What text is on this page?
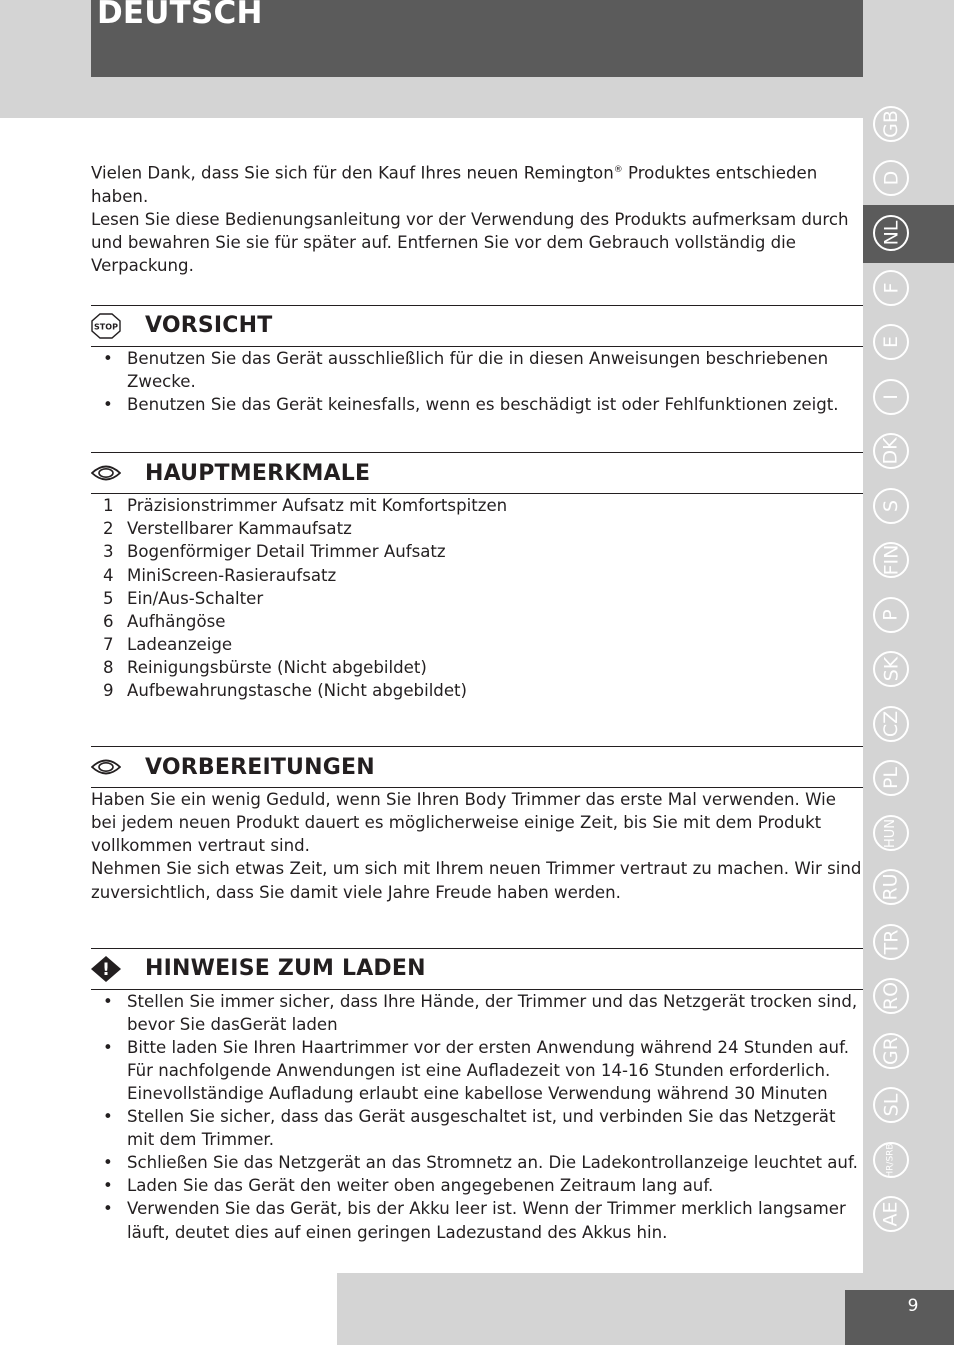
DEUTSCH
GB
D
NL
F
E
I
DK
S
FIN
P
SK
CZ
PL
HUN
RU
TR
RO
GR
SL
HR/SRB
AE
9

Vielen Dank, dass Sie sich für den Kauf Ihres neuen Remington® Produktes entschieden haben.

Lesen Sie diese Bedienungsanleitung vor der Verwendung des Produkts aufmerksam durch und bewahren Sie sie für später auf. Entfernen Sie vor dem Gebrauch vollständig die Verpackung.

STOP VORSICHT
• Benutzen Sie das Gerät ausschließlich für die in diesen Anweisungen beschriebenen Zwecke.
• Benutzen Sie das Gerät keinesfalls, wenn es beschädigt ist oder Fehlfunktionen zeigt.
HAUPTMERKMALE
1 Präzisionstrimmer Aufsatz mit Komfortspitzen
2 Verstellbarer Kammaufsatz
3 Bogenförmiger Detail Trimmer Aufsatz
4 MiniScreen-Rasieraufsatz
5 Ein/Aus-Schalter
6 Aufhängöse
7 Ladeanzeige
8 Reinigungsbürste (Nicht abgebildet)
9 Aufbewahrungstasche (Nicht abgebildet)
VORBEREITUNGEN

Haben Sie ein wenig Geduld, wenn Sie Ihren Body Trimmer das erste Mal verwenden. Wie bei jedem neuen Produkt dauert es möglicherweise einige Zeit, bis Sie mit dem Produkt vollkommen vertraut sind.

Nehmen Sie sich etwas Zeit, um sich mit Ihrem neuen Trimmer vertraut zu machen. Wir sind zuversichtlich, dass Sie damit viele Jahre Freude haben werden.

! HINWEISE ZUM LADEN
• Stellen Sie immer sicher, dass Ihre Hände, der Trimmer und das Netzgerät trocken sind, bevor Sie dasGerät laden
• Bitte laden Sie Ihren Haartrimmer vor der ersten Anwendung während 24 Stunden auf. Für nachfolgende Anwendungen ist eine Aufladezeit von 14-16 Stunden erforderlich. Einevollständige Aufladung erlaubt eine kabellose Verwendung während 30 Minuten
• Stellen Sie sicher, dass das Gerät ausgeschaltet ist, und verbinden Sie das Netzgerät mit dem Trimmer.
• Schließen Sie das Netzgerät an das Stromnetz an. Die Ladekontrollanzeige leuchtet auf.
• Laden Sie das Gerät den weiter oben angegebenen Zeitraum lang auf.
• Verwenden Sie das Gerät, bis der Akku leer ist. Wenn der Trimmer merklich langsamer läuft, deutet dies auf einen geringen Ladezustand des Akkus hin.
